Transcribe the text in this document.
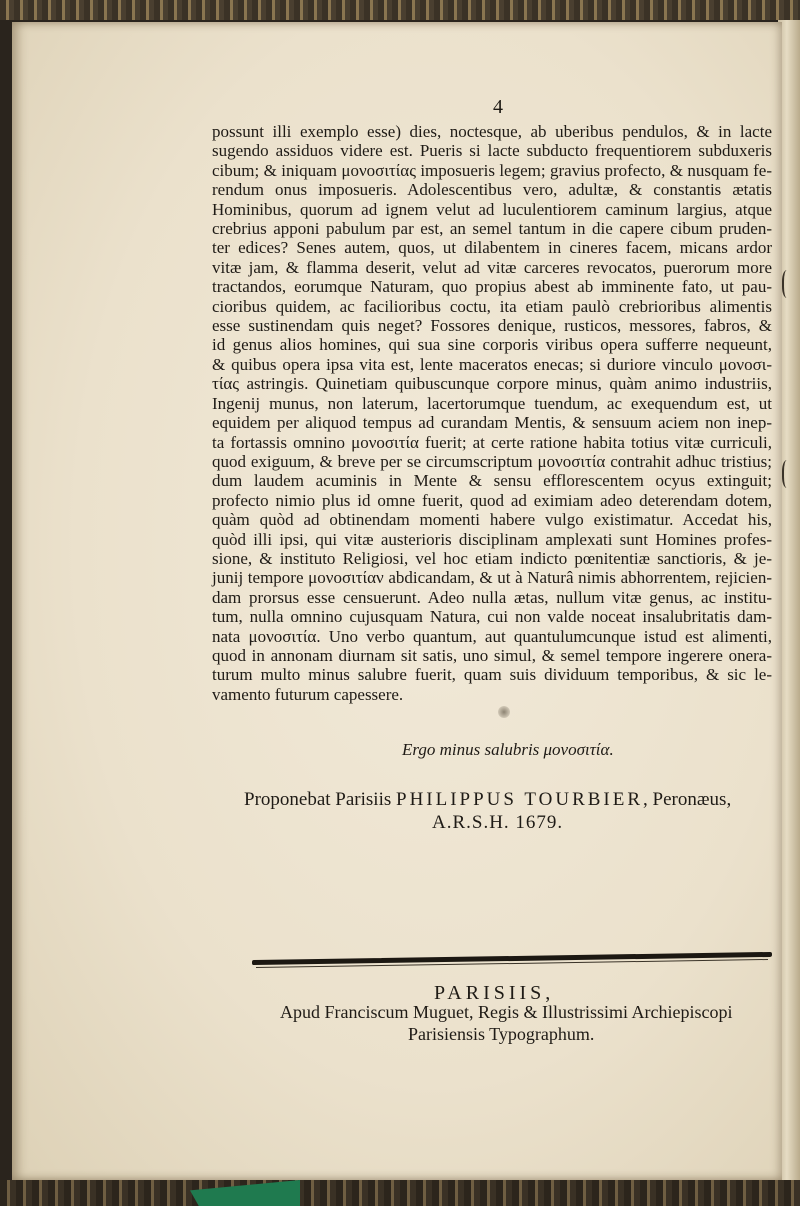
4
possunt illi exemplo esse) dies, noctesque, ab uberibus pendulos, & in lacte
sugendo assiduos videre est. Pueris si lacte subducto frequentiorem subduxeris
cibum; & iniquam μονοσιτίας imposueris legem; gravius profecto, & nusquam fe-
rendum onus imposueris. Adolescentibus vero, adultæ, & constantis ætatis
Hominibus, quorum ad ignem velut ad luculentiorem caminum largius, atque
crebrius apponi pabulum par est, an semel tantum in die capere cibum pruden-
ter edices? Senes autem, quos, ut dilabentem in cineres facem, micans ardor
vitæ jam, & flamma deserit, velut ad vitæ carceres revocatos, puerorum more
tractandos, eorumque Naturam, quo propius abest ab imminente fato, ut pau-
cioribus quidem, ac facilioribus coctu, ita etiam paulò crebrioribus alimentis
esse sustinendam quis neget? Fossores denique, rusticos, messores, fabros, &
id genus alios homines, qui sua sine corporis viribus opera sufferre nequeunt,
& quibus opera ipsa vita est, lente maceratos enecas; si duriore vinculo μονοσι-
τίας astringis. Quinetiam quibuscunque corpore minus, quàm animo industriis,
Ingenij munus, non laterum, lacertorumque tuendum, ac exequendum est, ut
equidem per aliquod tempus ad curandam Mentis, & sensuum aciem non inep-
ta fortassis omnino μονοσιτία fuerit; at certe ratione habita totius vitæ curriculi,
quod exiguum, & breve per se circumscriptum μονοσιτία contrahit adhuc tristius;
dum laudem acuminis in Mente & sensu efflorescentem ocyus extinguit;
profecto nimio plus id omne fuerit, quod ad eximiam adeo deterendam dotem,
quàm quòd ad obtinendam momenti habere vulgo existimatur. Accedat his,
quòd illi ipsi, qui vitæ austerioris disciplinam amplexati sunt Homines profes-
sione, & instituto Religiosi, vel hoc etiam indicto pœnitentiæ sanctioris, & je-
junij tempore μονοσιτίαν abdicandam, & ut à Naturâ nimis abhorrentem, rejicien-
dam prorsus esse censuerunt. Adeo nulla ætas, nullum vitæ genus, ac institu-
tum, nulla omnino cujusquam Natura, cui non valde noceat insalubritatis dam-
nata μονοσιτία. Uno verbo quantum, aut quantulumcunque istud est alimenti,
quod in annonam diurnam sit satis, uno simul, & semel tempore ingerere onera-
turum multo minus salubre fuerit, quam suis dividuum temporibus, & sic le-
vamento futurum capessere.
Ergo minus salubris μονοσιτία.
Proponebat Parisiis PHILIPPUS TOURBIER, Peronæus,
A.R.S.H. 1679.
PARISIIS,
Apud Franciscum Muguet, Regis & Illustrissimi Archiepiscopi
Parisiensis Typographum.
